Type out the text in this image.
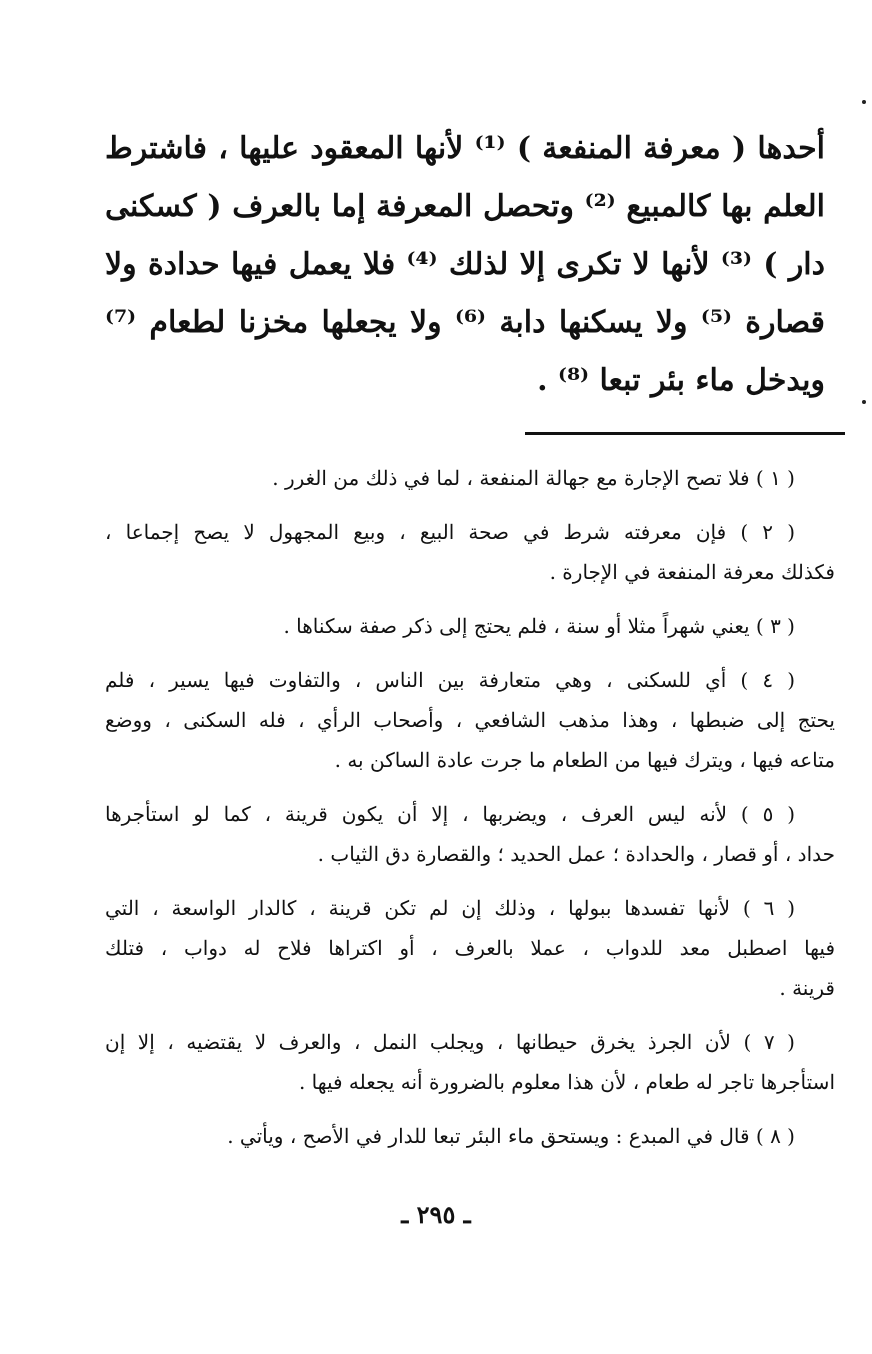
أحدها ( معرفة المنفعة ) ⁽¹⁾ لأنها المعقود عليها ، فاشترط
العلم بها كالمبيع ⁽²⁾ وتحصل المعرفة إما بالعرف ( كسكنى
دار ) ⁽³⁾ لأنها لا تكرى إلا لذلك ⁽⁴⁾ فلا يعمل فيها حدادة ولا
قصارة ⁽⁵⁾ ولا يسكنها دابة ⁽⁶⁾ ولا يجعلها مخزنا لطعام ⁽⁷⁾
ويدخل ماء بئر تبعا ⁽⁸⁾ .
( ١ ) فلا تصح الإجارة مع جهالة المنفعة ، لما في ذلك من الغرر .
( ٢ ) فإن معرفته شرط في صحة البيع ، وبيع المجهول لا يصح إجماعا ،
فكذلك معرفة المنفعة في الإجارة .
( ٣ ) يعني شهراً مثلا أو سنة ، فلم يحتج إلى ذكر صفة سكناها .
( ٤ ) أي للسكنى ، وهي متعارفة بين الناس ، والتفاوت فيها يسير ، فلم
يحتج إلى ضبطها ، وهذا مذهب الشافعي ، وأصحاب الرأي ، فله السكنى ، ووضع
متاعه فيها ، ويترك فيها من الطعام ما جرت عادة الساكن به .
( ٥ ) لأنه ليس العرف ، ويضربها ، إلا أن يكون قرينة ، كما لو استأجرها
حداد ، أو قصار ، والحدادة ؛ عمل الحديد ؛ والقصارة دق الثياب .
( ٦ ) لأنها تفسدها ببولها ، وذلك إن لم تكن قرينة ، كالدار الواسعة ، التي
فيها اصطبل معد للدواب ، عملا بالعرف ، أو اكتراها فلاح له دواب ، فتلك
قرينة .
( ٧ ) لأن الجرذ يخرق حيطانها ، ويجلب النمل ، والعرف لا يقتضيه ، إلا إن
استأجرها تاجر له طعام ، لأن هذا معلوم بالضرورة أنه يجعله فيها .
( ٨ ) قال في المبدع : ويستحق ماء البئر تبعا للدار في الأصح ، ويأتي .
ـ ٢٩٥ ـ
